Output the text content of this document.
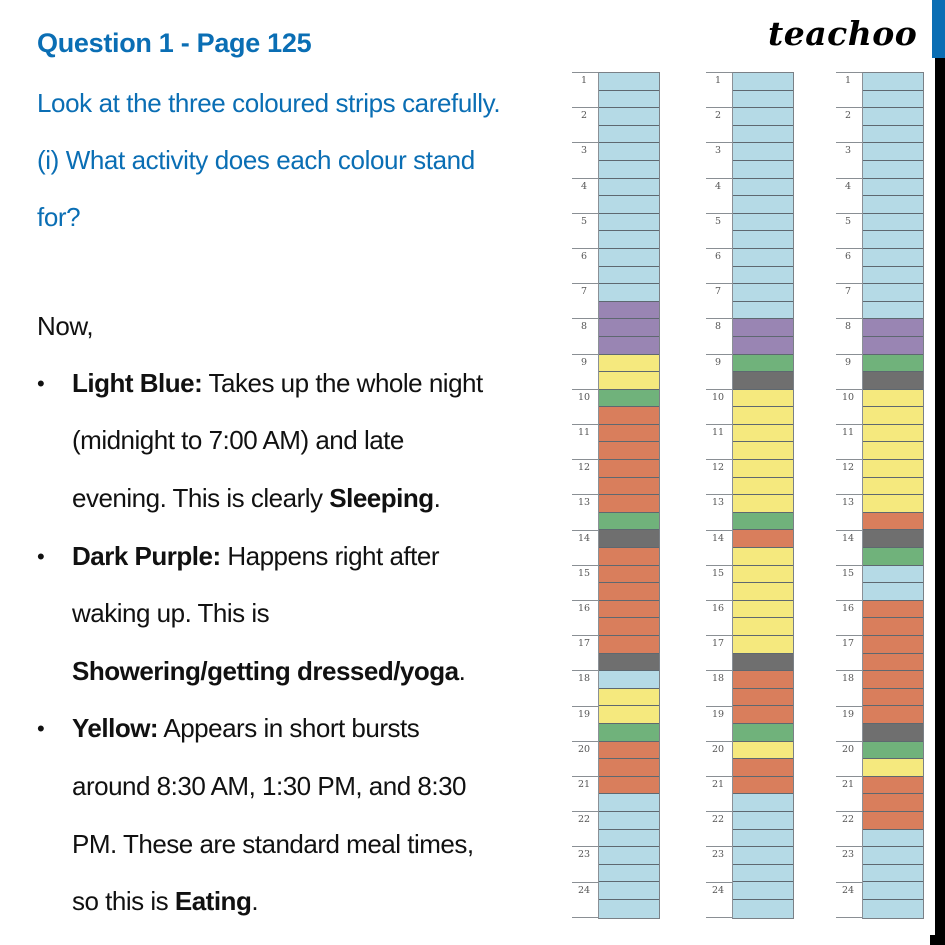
Question 1 - Page 125	teachoo
Look at the three coloured strips carefully.
(i) What activity does each colour stand
for?
Now,
• Light Blue: Takes up the whole night
(midnight to 7:00 AM) and late
evening. This is clearly Sleeping.
• Dark Purple: Happens right after
waking up. This is
Showering/getting dressed/yoga.
• Yellow: Appears in short bursts
around 8:30 AM, 1:30 PM, and 8:30
PM. These are standard meal times,
so this is Eating.
1
2
3
4
5
6
7
8
9
10
11
12
13
14
15
16
17
18
19
20
21
22
23
24
1
2
3
4
5
6
7
8
9
10
11
12
13
14
15
16
17
18
19
20
21
22
23
24
1
2
3
4
5
6
7
8
9
10
11
12
13
14
15
16
17
18
19
20
21
22
23
24
